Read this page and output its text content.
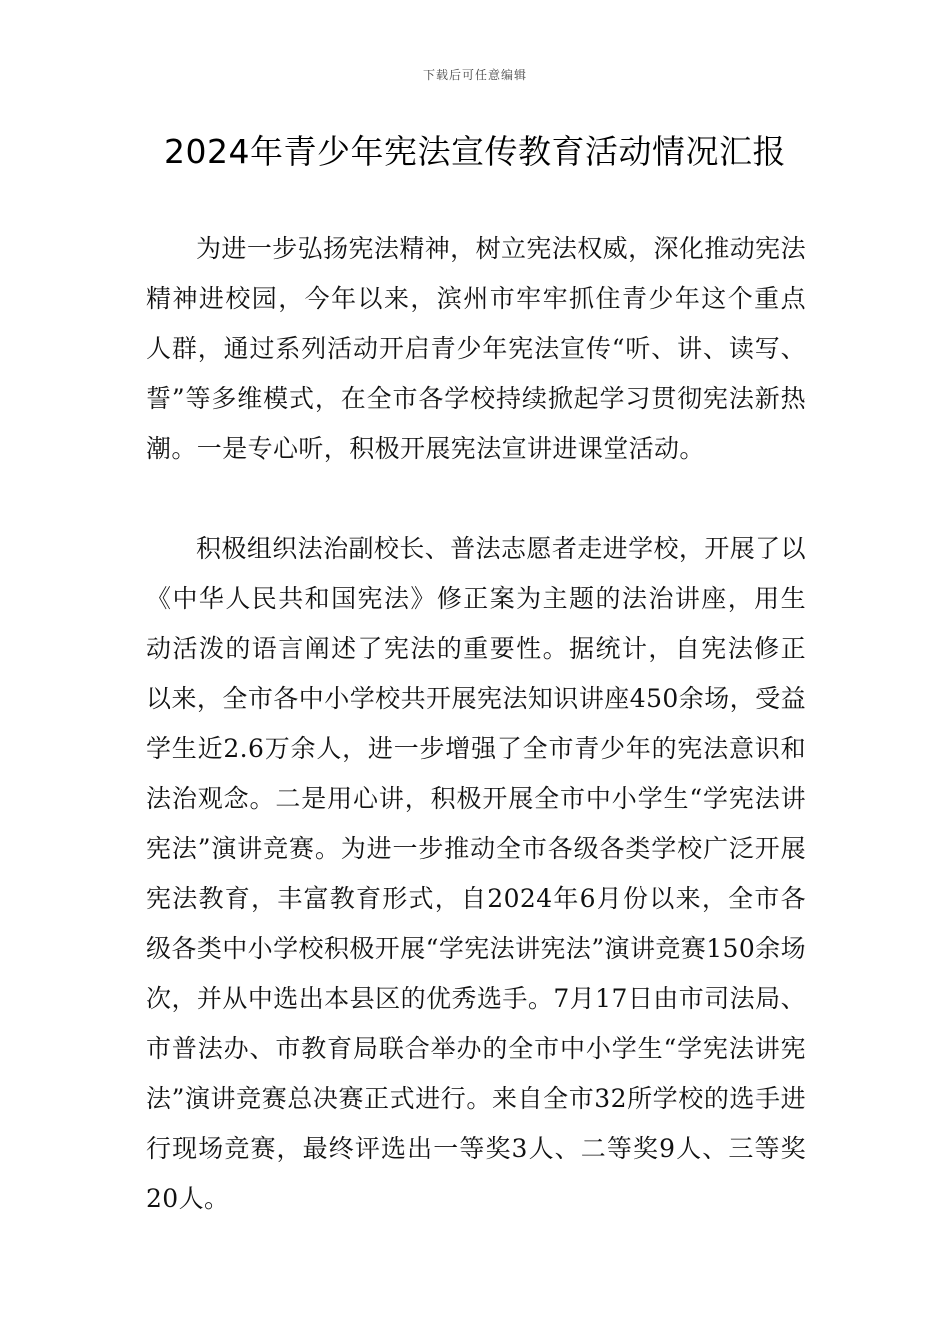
下载后可任意编辑
2024年青少年宪法宣传教育活动情况汇报

为进一步弘扬宪法精神，树立宪法权威，深化推动宪法精神进校园，今年以来，滨州市牢牢抓住青少年这个重点人群，通过系列活动开启青少年宪法宣传“听、讲、读写、誓”等多维模式，在全市各学校持续掀起学习贯彻宪法新热潮。一是专心听，积极开展宪法宣讲进课堂活动。

积极组织法治副校长、普法志愿者走进学校，开展了以《中华人民共和国宪法》修正案为主题的法治讲座，用生动活泼的语言阐述了宪法的重要性。据统计，自宪法修正以来，全市各中小学校共开展宪法知识讲座450余场，受益学生近2.6万余人，进一步增强了全市青少年的宪法意识和法治观念。二是用心讲，积极开展全市中小学生“学宪法讲宪法”演讲竞赛。为进一步推动全市各级各类学校广泛开展宪法教育，丰富教育形式，自2024年6月份以来，全市各级各类中小学校积极开展“学宪法讲宪法”演讲竞赛150余场次，并从中选出本县区的优秀选手。7月17日由市司法局、市普法办、市教育局联合举办的全市中小学生“学宪法讲宪法”演讲竞赛总决赛正式进行。来自全市32所学校的选手进行现场竞赛，最终评选出一等奖3人、二等奖9人、三等奖20人。
